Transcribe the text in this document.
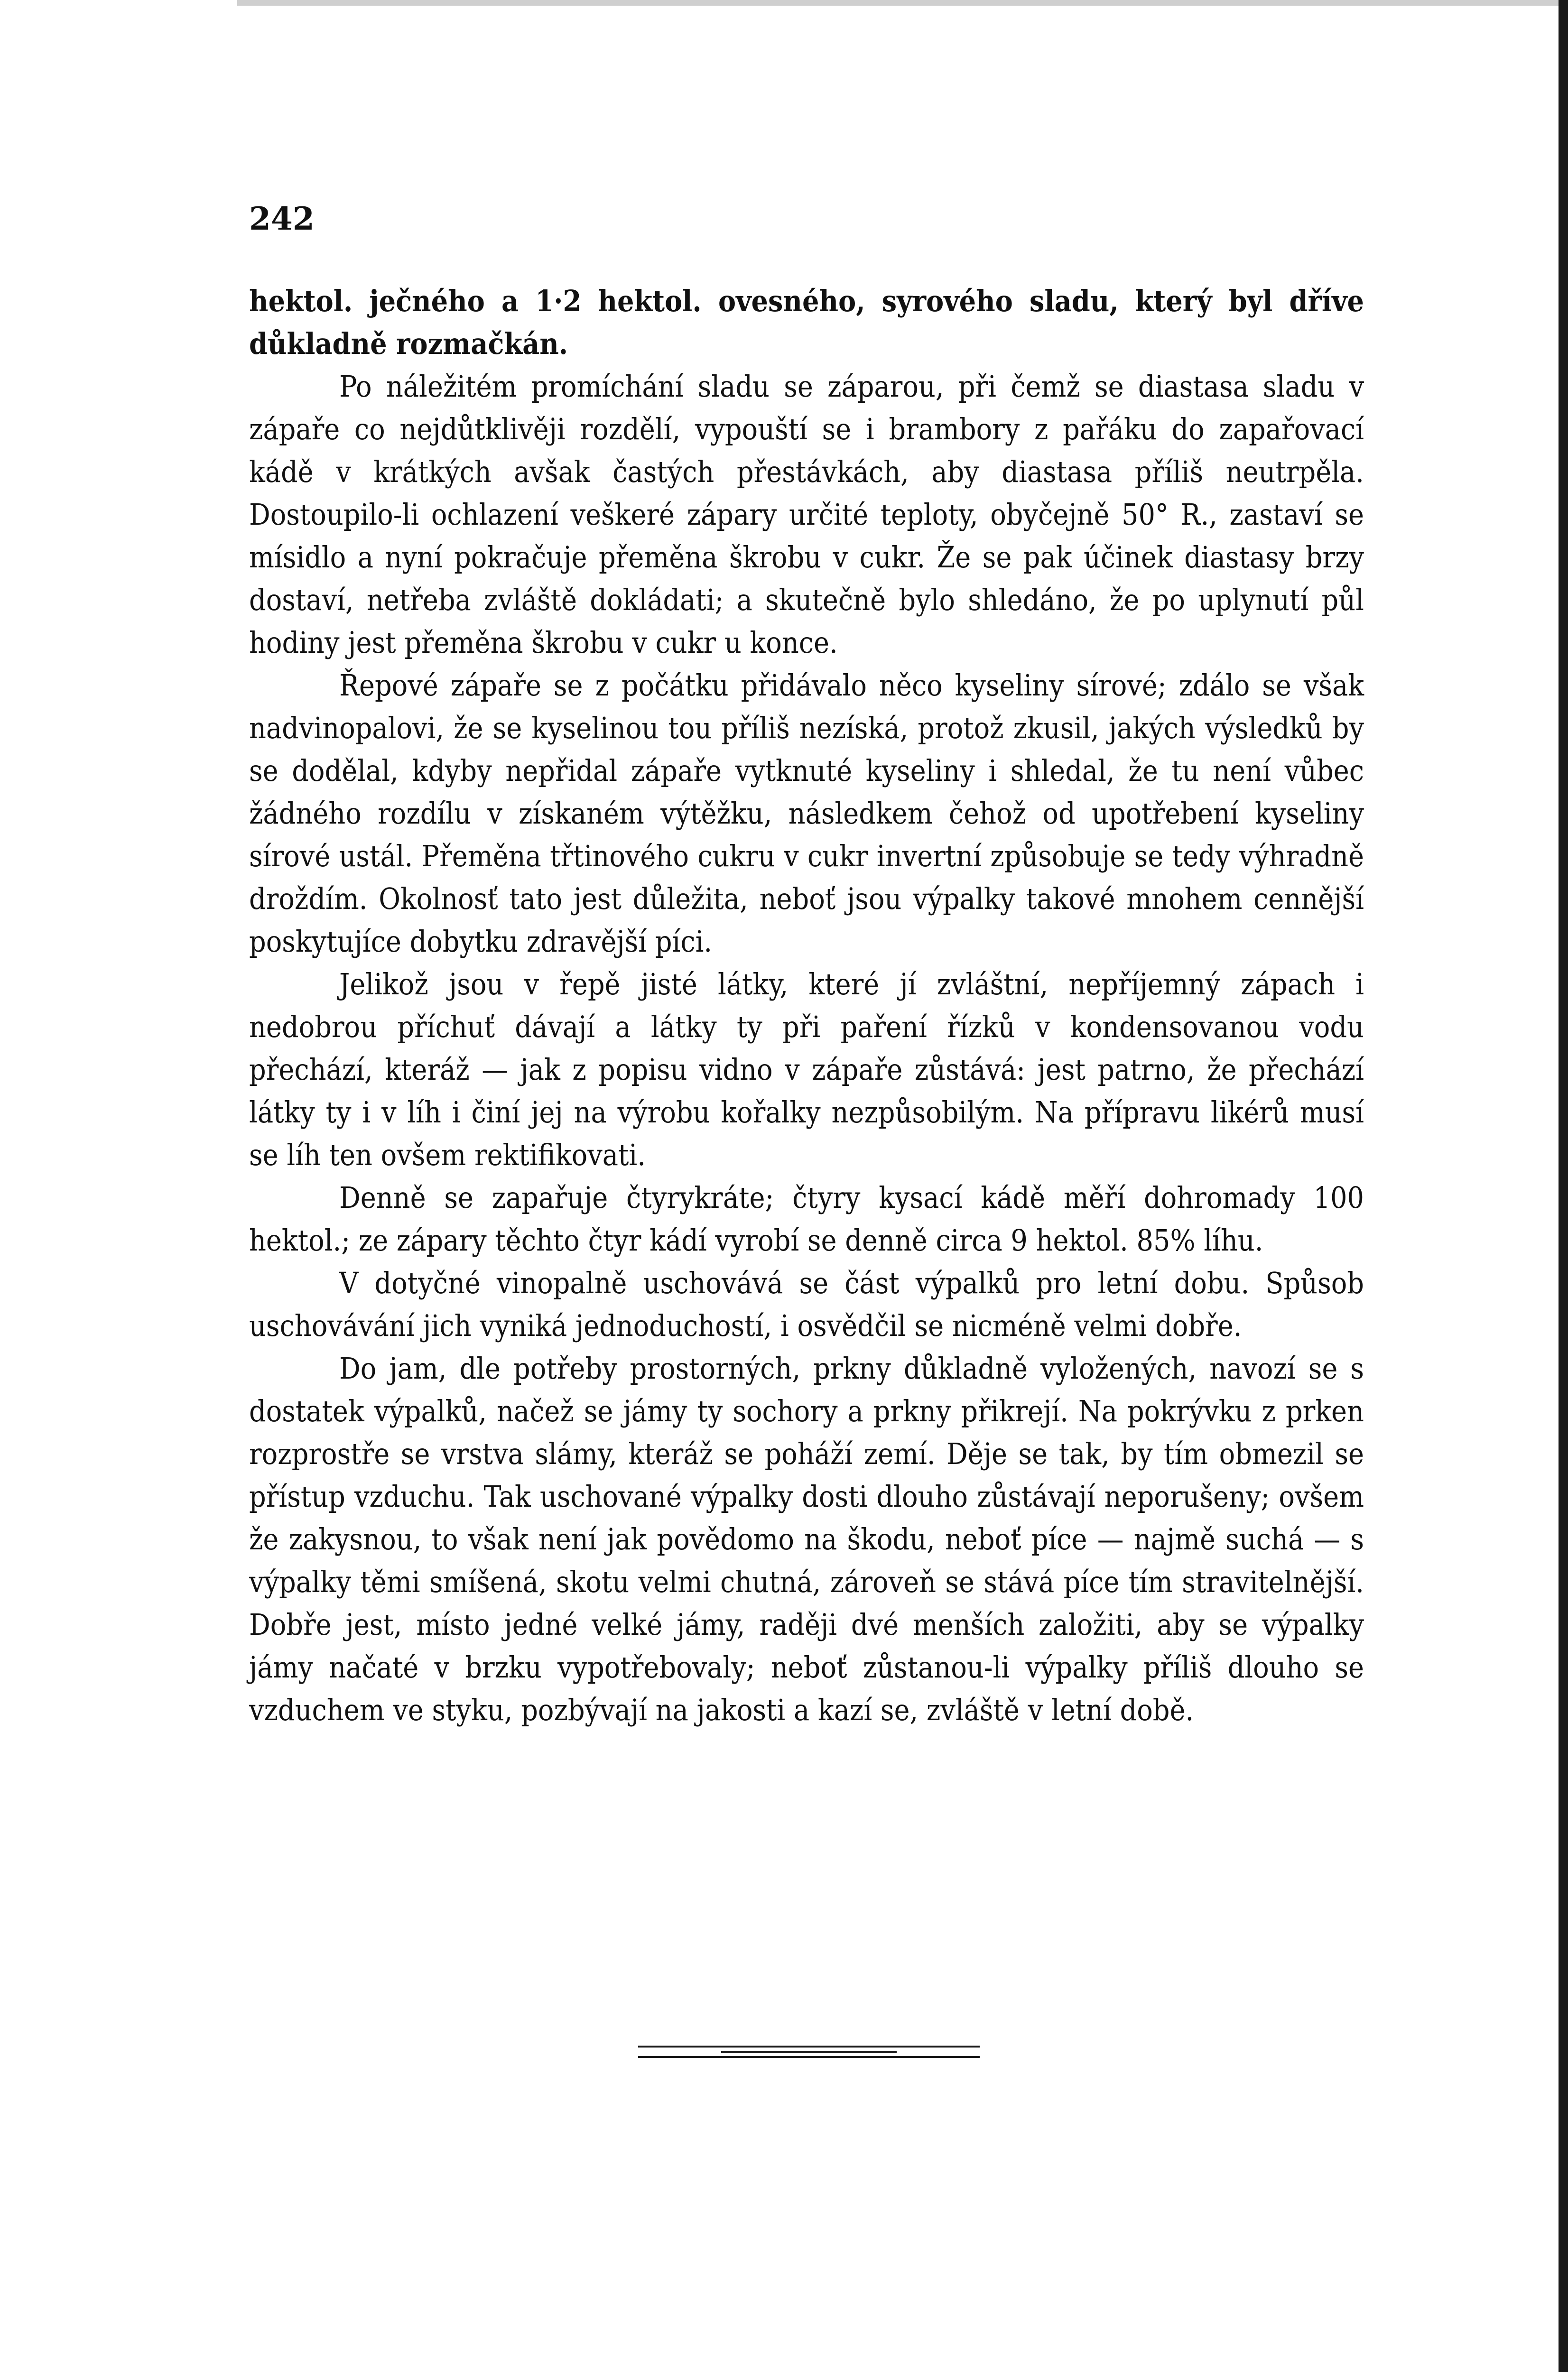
242

hektol. ječného a 1·2 hektol. ovesného, syrového sladu, který byl dříve důkladně rozmačkán.

Po náležitém promíchání sladu se záparou, při čemž se diastasa sladu v zápaře co nejdůtklivěji rozdělí, vypouští se i brambory z pařáku do zapařovací kádě v krátkých avšak častých přestávkách, aby diastasa příliš neutrpěla. Dostoupilo-li ochlazení veškeré zápary určité teploty, obyčejně 50° R., zastaví se mísidlo a nyní pokračuje přeměna škrobu v cukr. Že se pak účinek diastasy brzy dostaví, netřeba zvláště dokládati; a skutečně bylo shledáno, že po uplynutí půl hodiny jest přeměna škrobu v cukr u konce.

Řepové zápaře se z počátku přidávalo něco kyseliny sírové; zdálo se však nadvinopalovi, že se kyselinou tou příliš nezíská, protož zkusil, jakých výsledků by se dodělal, kdyby nepřidal zápaře vytknuté kyseliny i shledal, že tu není vůbec žádného rozdílu v získaném výtěžku, následkem čehož od upotřebení kyseliny sírové ustál. Přeměna třtinového cukru v cukr invertní způsobuje se tedy výhradně droždím. Okolnosť tato jest důležita, neboť jsou výpalky takové mnohem cennější poskytujíce dobytku zdravější píci.

Jelikož jsou v řepě jisté látky, které jí zvláštní, nepříjemný zápach i nedobrou příchuť dávají a látky ty při paření řízků v kondensovanou vodu přechází, kteráž — jak z popisu vidno v zápaře zůstává: jest patrno, že přechází látky ty i v líh i činí jej na výrobu kořalky nezpůsobilým. Na přípravu likérů musí se líh ten ovšem rektifikovati.

Denně se zapařuje čtyrykráte; čtyry kysací kádě měří dohromady 100 hektol.; ze zápary těchto čtyr kádí vyrobí se denně circa 9 hektol. 85% líhu.

V dotyčné vinopalně uschovává se část výpalků pro letní dobu. Spůsob uschovávání jich vyniká jednoduchostí, i osvědčil se nicméně velmi dobře.

Do jam, dle potřeby prostorných, prkny důkladně vyložených, navozí se s dostatek výpalků, načež se jámy ty sochory a prkny přikrejí. Na pokrývku z prken rozprostře se vrstva slámy, kteráž se poháží zemí. Děje se tak, by tím obmezil se přístup vzduchu. Tak uschované výpalky dosti dlouho zůstávají neporušeny; ovšem že zakysnou, to však není jak povědomo na škodu, neboť píce — najmě suchá — s výpalky těmi smíšená, skotu velmi chutná, zároveň se stává píce tím stravitelnější. Dobře jest, místo jedné velké jámy, raději dvé menších založiti, aby se výpalky jámy načaté v brzku vypotřebovaly; neboť zůstanou-li výpalky příliš dlouho se vzduchem ve styku, pozbývají na jakosti a kazí se, zvláště v letní době.
